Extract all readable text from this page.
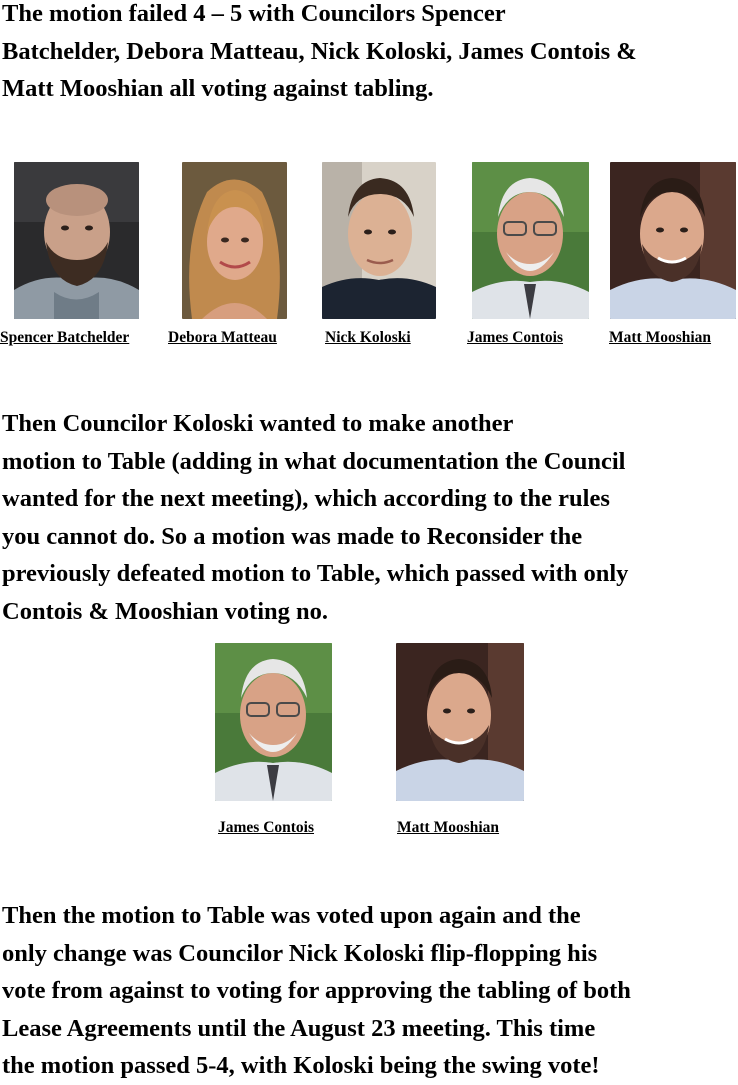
The motion failed 4 – 5 with Councilors Spencer
Batchelder, Debora Matteau, Nick Koloski, James Contois &
Matt Mooshian all voting against tabling.

Spencer Batchelder Debora Matteau	Nick Koloski	James Contois	Matt Mooshian

Then Councilor Koloski wanted to make another
motion to Table (adding in what documentation the Council
wanted for the next meeting), which according to the rules
you cannot do. So a motion was made to Reconsider the
previously defeated motion to Table, which passed with only
Contois & Mooshian voting no.

James Contois	Matt Mooshian

Then the motion to Table was voted upon again and the
only change was Councilor Nick Koloski flip-flopping his
vote from against to voting for approving the tabling of both
Lease Agreements until the August 23 meeting. This time
the motion passed 5-4, with Koloski being the swing vote!
